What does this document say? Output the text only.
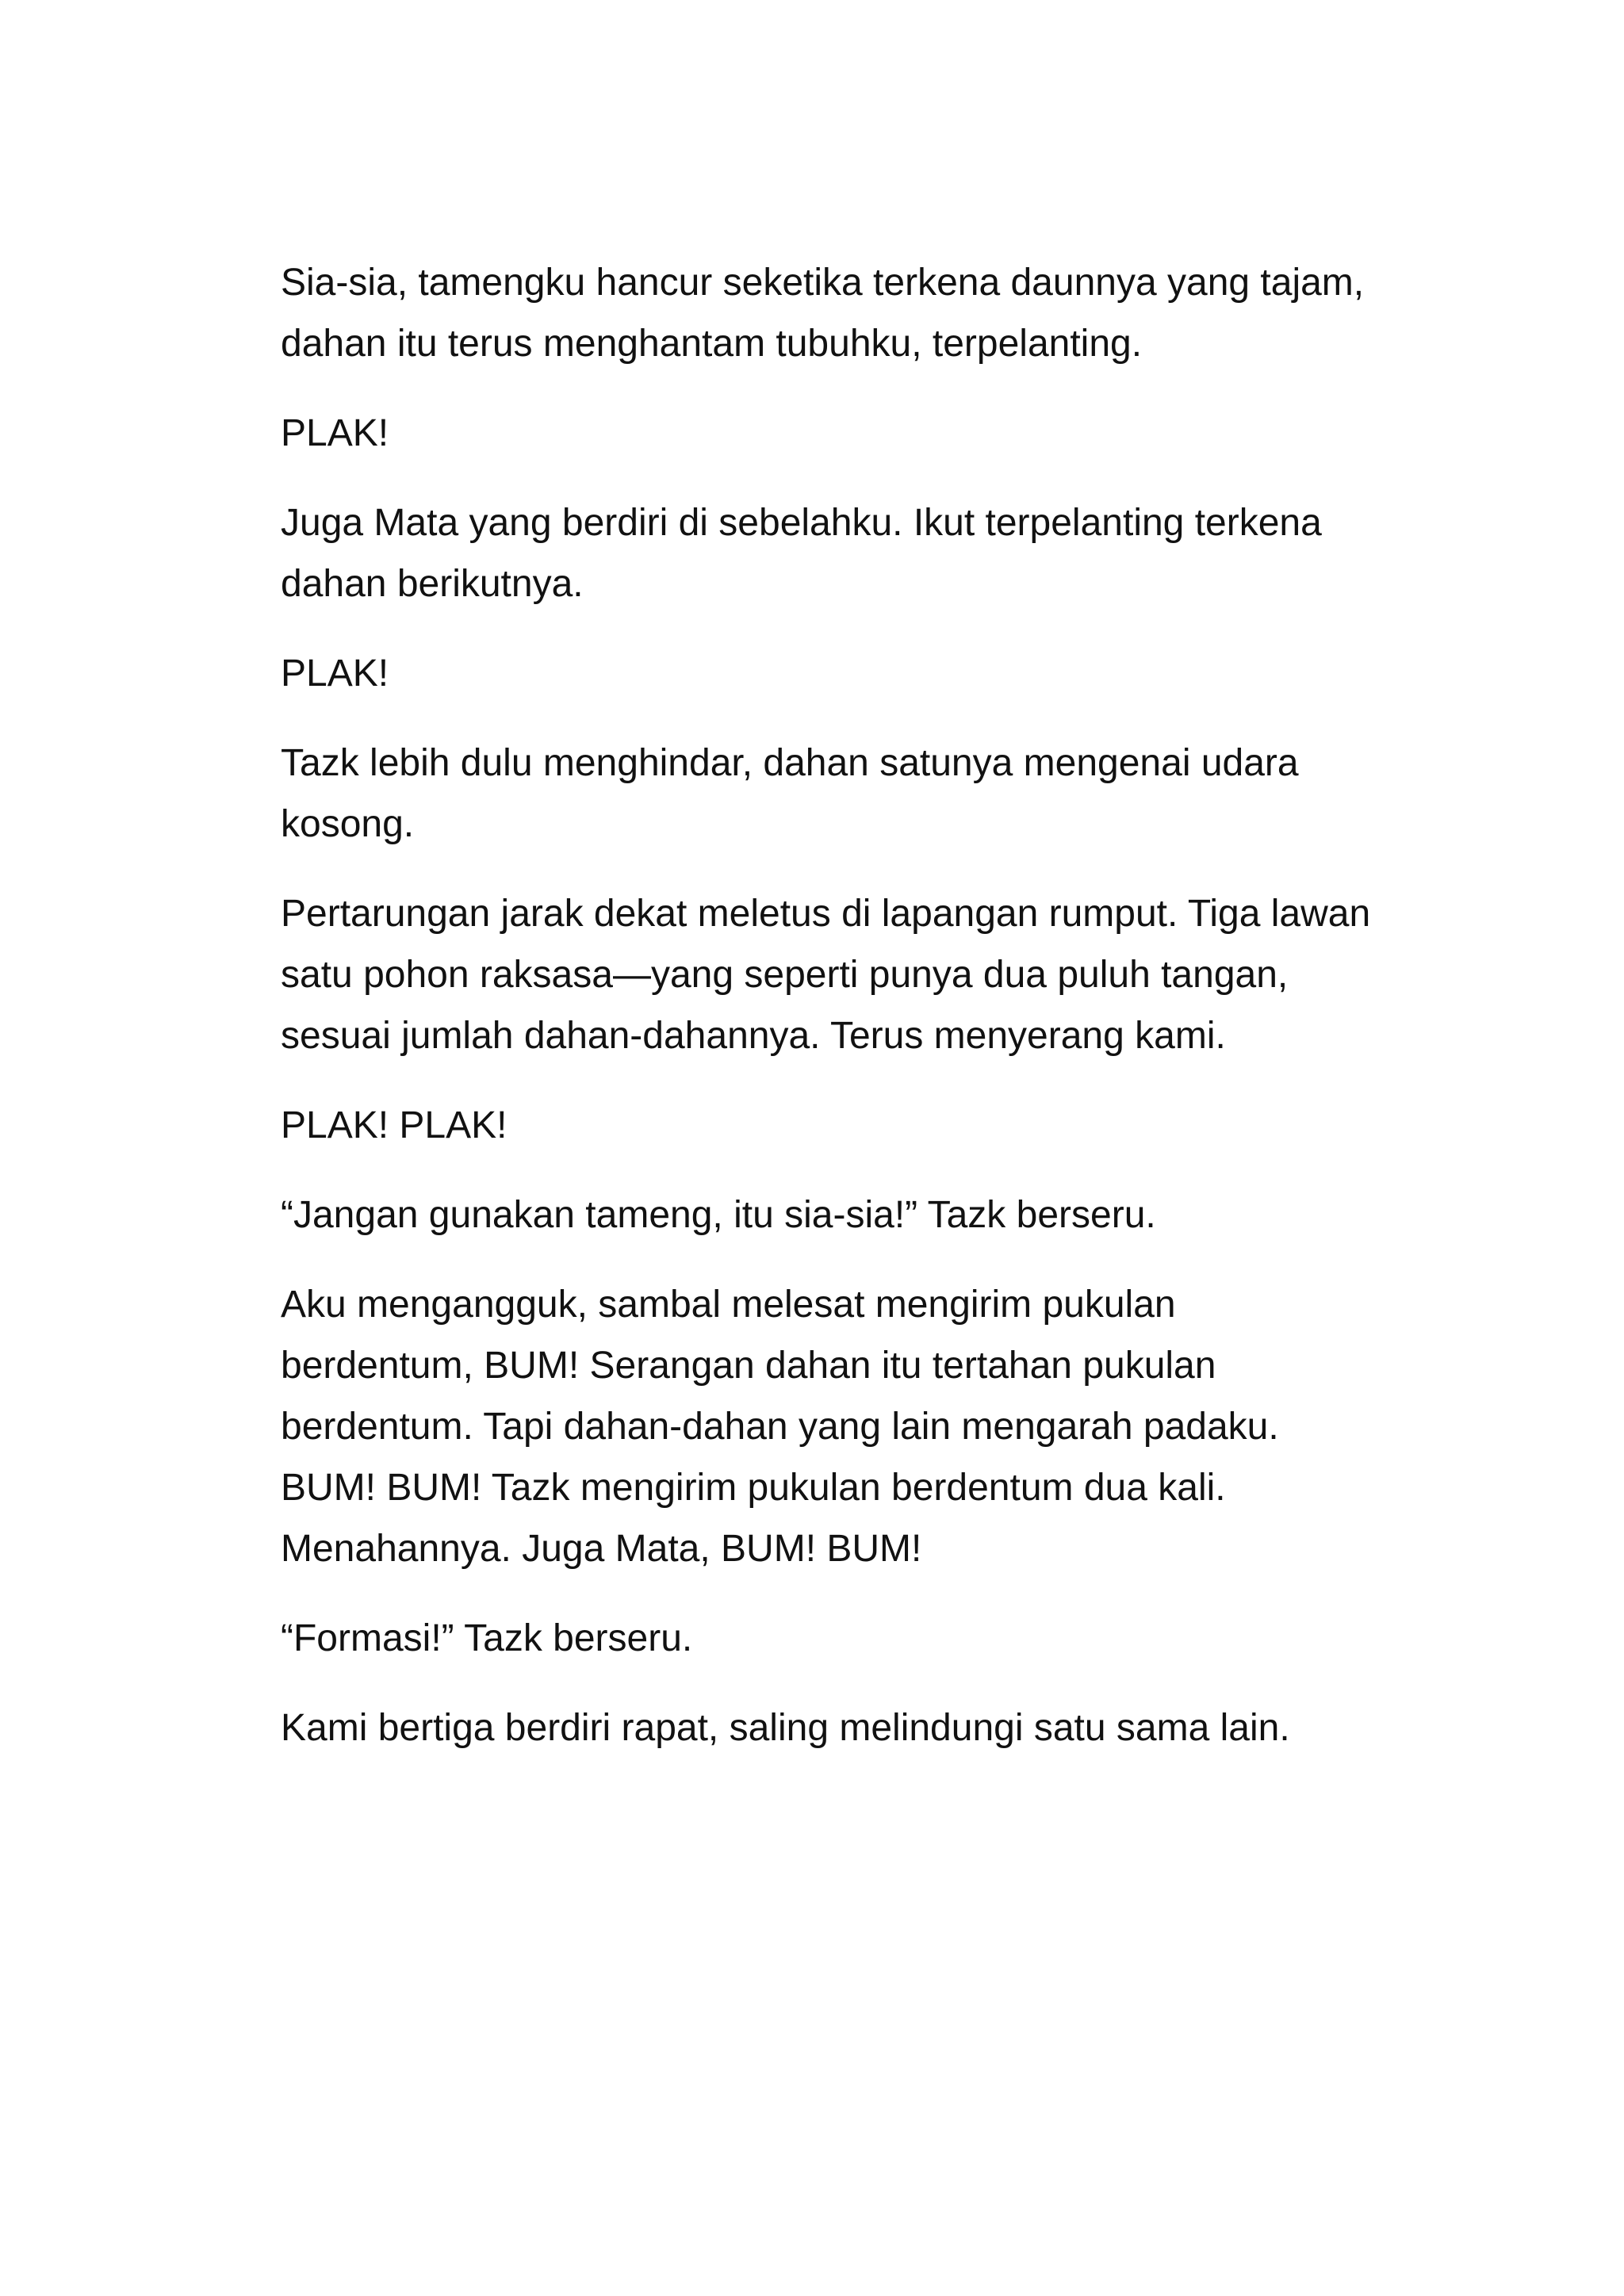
Sia-sia, tamengku hancur seketika terkena daunnya yang tajam, dahan itu terus menghantam tubuhku, terpelanting.

PLAK!

Juga Mata yang berdiri di sebelahku. Ikut terpelanting terkena dahan berikutnya.

PLAK!

Tazk lebih dulu menghindar, dahan satunya mengenai udara kosong.

Pertarungan jarak dekat meletus di lapangan rumput. Tiga lawan satu pohon raksasa—yang seperti punya dua puluh tangan, sesuai jumlah dahan-dahannya. Terus menyerang kami.

PLAK! PLAK!

“Jangan gunakan tameng, itu sia-sia!” Tazk berseru.

Aku mengangguk, sambal melesat mengirim pukulan berdentum, BUM! Serangan dahan itu tertahan pukulan berdentum. Tapi dahan-dahan yang lain mengarah padaku. BUM! BUM! Tazk mengirim pukulan berdentum dua kali. Menahannya. Juga Mata, BUM! BUM!

“Formasi!” Tazk berseru.

Kami bertiga berdiri rapat, saling melindungi satu sama lain.
